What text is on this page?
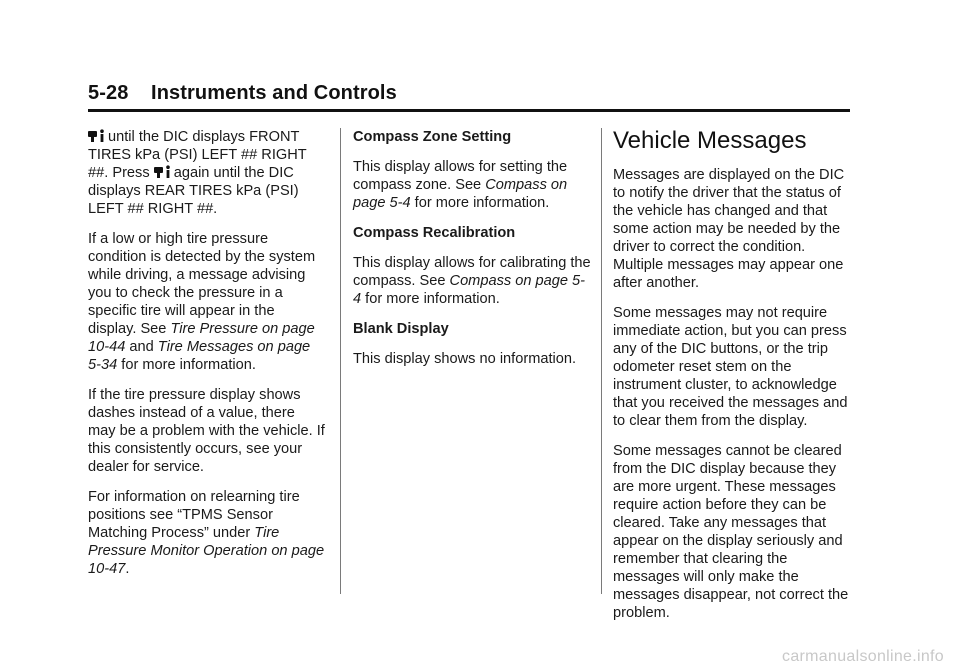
5-28    Instruments and Controls

until the DIC displays FRONT TIRES kPa (PSI) LEFT ## RIGHT ##. Press again until the DIC displays REAR TIRES kPa (PSI) LEFT ## RIGHT ##.

If a low or high tire pressure condition is detected by the system while driving, a message advising you to check the pressure in a specific tire will appear in the display. See Tire Pressure on page 10-44 and Tire Messages on page 5-34 for more information.

If the tire pressure display shows dashes instead of a value, there may be a problem with the vehicle. If this consistently occurs, see your dealer for service.

For information on relearning tire positions see “TPMS Sensor Matching Process” under Tire Pressure Monitor Operation on page 10-47.

Compass Zone Setting

This display allows for setting the compass zone. See Compass on page 5-4 for more information.

Compass Recalibration

This display allows for calibrating the compass. See Compass on page 5-4 for more information.

Blank Display

This display shows no information.

Vehicle Messages

Messages are displayed on the DIC to notify the driver that the status of the vehicle has changed and that some action may be needed by the driver to correct the condition. Multiple messages may appear one after another.

Some messages may not require immediate action, but you can press any of the DIC buttons, or the trip odometer reset stem on the instrument cluster, to acknowledge that you received the messages and to clear them from the display.

Some messages cannot be cleared from the DIC display because they are more urgent. These messages require action before they can be cleared. Take any messages that appear on the display seriously and remember that clearing the messages will only make the messages disappear, not correct the problem.

carmanualsonline.info
